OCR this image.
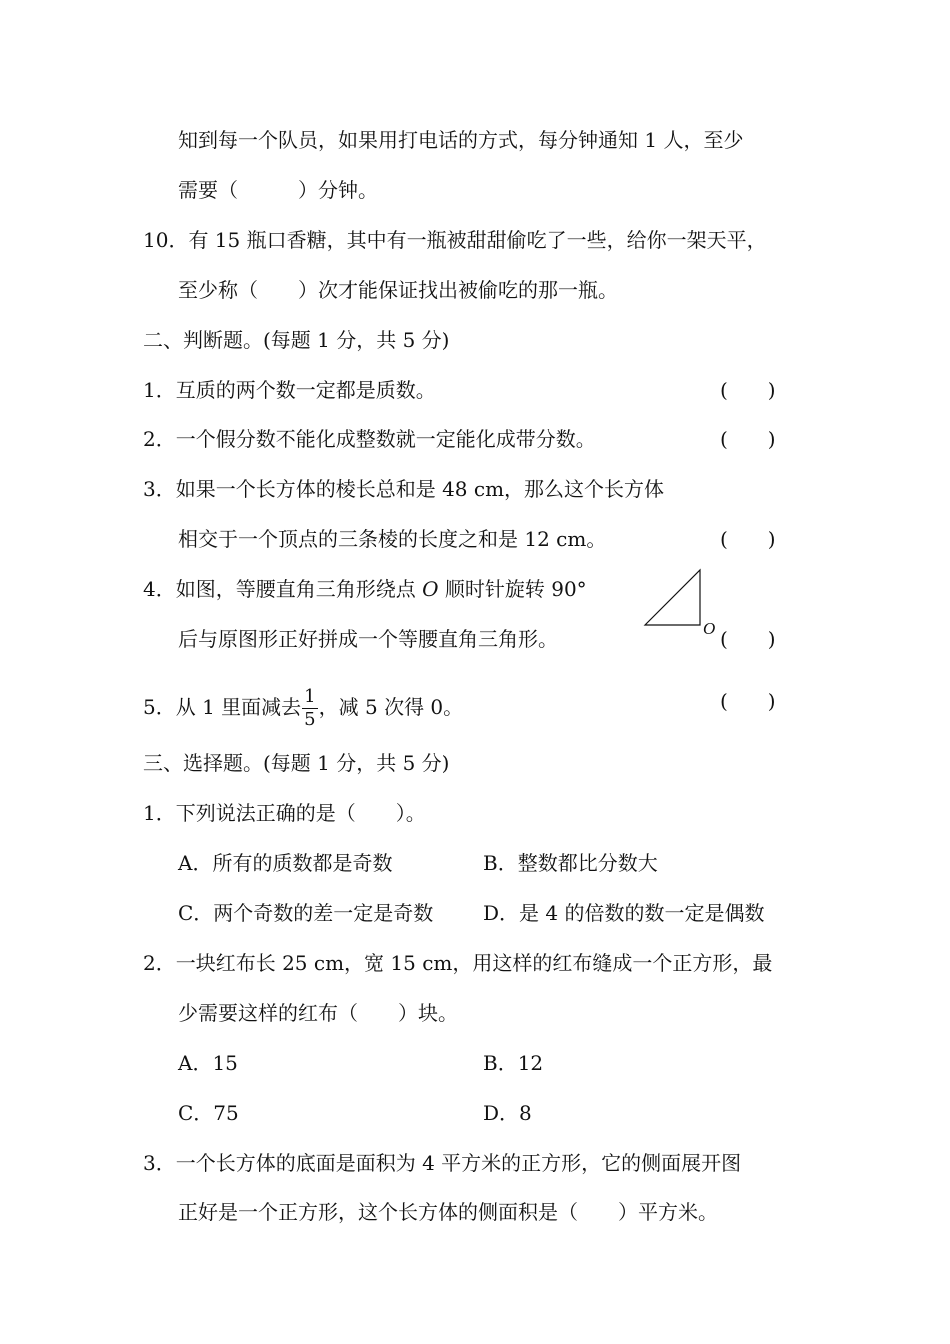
知到每一个队员，如果用打电话的方式，每分钟通知 1 人，至少
需要（　　　）分钟。
10．有 15 瓶口香糖，其中有一瓶被甜甜偷吃了一些，给你一架天平，
至少称（　　）次才能保证找出被偷吃的那一瓶。
二、判断题。(每题 1 分，共 5 分)
1．互质的两个数一定都是质数。	(　　)
2．一个假分数不能化成整数就一定能化成带分数。	(　　)
3．如果一个长方体的棱长总和是 48 cm，那么这个长方体
相交于一个顶点的三条棱的长度之和是 12 cm。	(　　)
4．如图，等腰直角三角形绕点 O 顺时针旋转 90°
后与原图形正好拼成一个等腰直角三角形。	(　　)
O
5．从 1 里面减去 $\frac{1}{5}$ ，减 5 次得 0。	(　　)
三、选择题。(每题 1 分，共 5 分)
1．下列说法正确的是（　　）。
A．所有的质数都是奇数	B．整数都比分数大
C．两个奇数的差一定是奇数 D．是 4 的倍数的数一定是偶数
2．一块红布长 25 cm，宽 15 cm，用这样的红布缝成一个正方形，最
少需要这样的红布（　　）块。
A．15	B．12
C．75	D．8
3．一个长方体的底面是面积为 4 平方米的正方形，它的侧面展开图
正好是一个正方形，这个长方体的侧面积是（　　）平方米。
